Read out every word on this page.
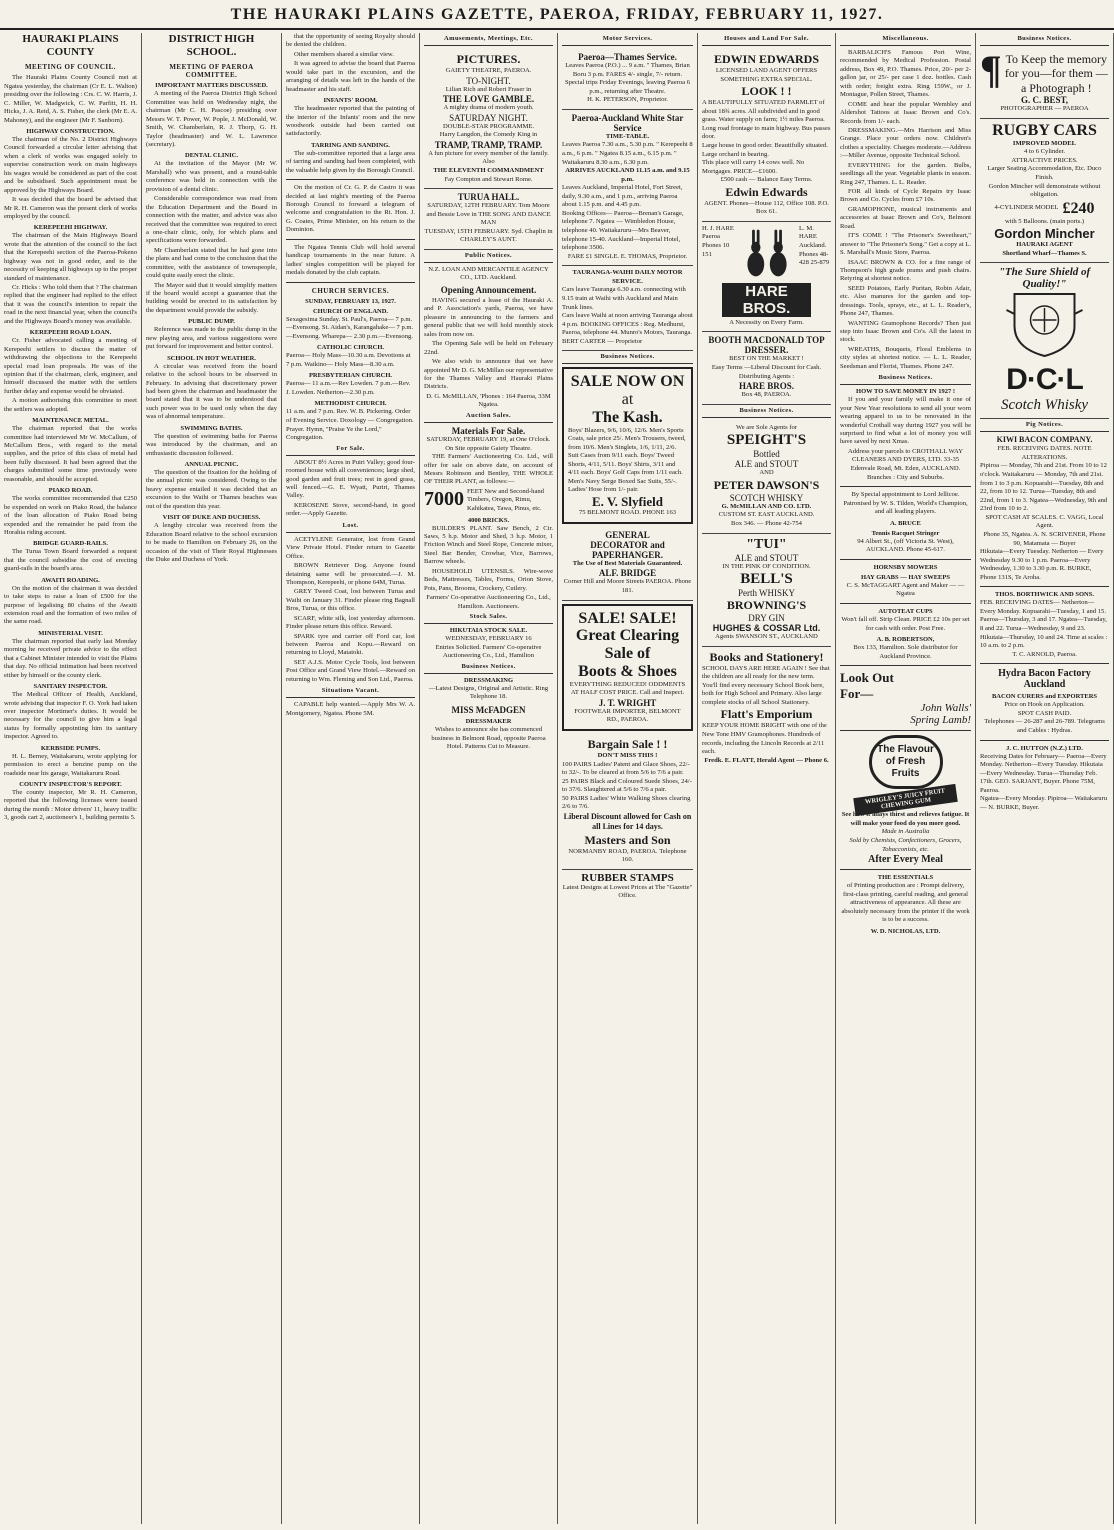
THE HAURAKI PLAINS GAZETTE, PAEROA, FRIDAY, FEBRUARY 11, 1927.
HAURAKI PLAINS COUNTY
MEETING OF COUNCIL.

The Hauraki Plains County Council met at Ngatea yesterday, the chairman (Cr E. L. Walton) presiding over the following : Crs. C. W. Harris, J. C. Miller, W. Madgwick, C. W. Parfitt, H. H. Hicks, J. A. Reid, A. S. Fisher, the clerk (Mr E. A. Mahoney), and the engineer (Mr F. Sanborn).

HIGHWAY CONSTRUCTION.

The chairman of the No. 2 District Highways Council forwarded a circular letter advising that when a clerk of works was engaged solely to supervise construction work on main highways his wages would be considered as part of the cost and be subsidised. Such appointment must be approved by the Highways Board.

It was decided that the board be advised that Mr R. H. Cameron was the present clerk of works employed by the council.

KEREPEEHI HIGHWAY.

The chairman of the Main Highways Board wrote that the attention of the council to the fact that the Kerepeehi section of the Paeroa-Pokeno highway was not in good order, and to the necessity of keeping all highways up to the proper standard of maintenance.

Cr. Hicks : Who told them that ? The chairman replied that the engineer had replied to the effect that it was the council's intention to repair the road in the next financial year, when the council's and the Highways Board's money was available.

KEREPEEHI ROAD LOAN.

Cr. Fisher advocated calling a meeting of Kerepeehi settlers to discuss the matter of withdrawing the objections to the Kerepeehi special road loan proposals. He was of the opinion that if the chairman, clerk, engineer, and himself discussed the matter with the settlers further delay and expense would be obviated.

A motion authorising this committee to meet the settlers was adopted.

MAINTENANCE METAL.

The chairman reported that the works committee had interviewed Mr W. McCallum, of McCallum Bros., with regard to the metal supplies, and the price of this class of metal had been fully discussed. It had been agreed that the charges submitted some time previously were reasonable, and should be accepted.

PIAKO ROAD.

The works committee recommended that £250 be expended on work on Piako Road, the balance of the loan allocation of Piako Road being expended and the remainder be paid from the Horahia riding account.

BRIDGE GUARD-RAILS.

The Turua Town Board forwarded a request that the council subsidise the cost of erecting guard-rails in the board's area.

AWAITI ROADING.

On the motion of the chairman it was decided to take steps to raise a loan of £500 for the purpose of legalising 80 chains of the Awaiti extension road and the formation of two miles of the same road.

MINISTERIAL VISIT.

The chairman reported that early last Monday morning he received private advice to the effect that a Cabinet Minister intended to visit the Plains that day. No official intimation had been received either by himself or the county clerk.

SANITARY INSPECTOR.

The Medical Officer of Health, Auckland, wrote advising that inspector F. O. York had taken over inspector Mortimer's duties. It would be necessary for the council to give him a legal status by formally appointing him its sanitary inspector. Agreed to.

KERBSIDE PUMPS.

H. L. Berney, Waitakaruru, wrote applying for permission to erect a benzine pump on the roadside near his garage, Waitakaruru Road.

COUNTY INSPECTOR'S REPORT.

The county inspector, Mr R. H. Cameron, reported that the following licenses were issued during the month : Motor drivers' 11, heavy traffic 3, goods cart 2, auctioneer's 1, building permits 5.

DISTRICT HIGH SCHOOL.
MEETING OF PAEROA COMMITTEE.
IMPORTANT MATTERS DISCUSSED.

A meeting of the Paeroa District High School Committee was held on Wednesday night, the chairman (Mr C. H. Pascoe) presiding over Messrs W. T. Power, W. Pople, J. McDonald, W. Smith, W. Chamberlain, R. J. Thorp, G. H. Taylor (headmaster) and W. L. Lawrence (secretary).

DENTAL CLINIC.

At the invitation of the Mayor (Mr W. Marshall) who was present, and a round-table conference was held in connection with the provision of a dental clinic.

Considerable correspondence was read from the Education Department and the Board in connection with the matter, and advice was also received that the committee was required to erect a one-chair clinic, only, for which plans and specifications were forwarded.

Mr Chamberlain stated that he had gone into the plans and had come to the conclusion that the committee, with the assistance of townspeople, could quite easily erect the clinic.

The Mayor said that it would simplify matters if the board would accept a guarantee that the building would be erected to its satisfaction by the department would provide the subsidy.

PUBLIC DUMP.

Reference was made to the public dump in the new playing area, and various suggestions were put forward for improvement and better control.

SCHOOL IN HOT WEATHER.

A circular was received from the board relative to the school hours to be observed in February. In advising that discretionary power had been given the chairman and headmaster the board stated that it was to be understood that such power was to be used only when the day was of abnormal temperature.

SWIMMING BATHS.

The question of swimming baths for Paeroa was introduced by the chairman, and an enthusiastic discussion followed.

ANNUAL PICNIC.

The question of the fixation for the holding of the annual picnic was considered. Owing to the heavy expense entailed it was decided that an excursion to the Waihi or Thames beaches was out of the question this year.

VISIT OF DUKE AND DUCHESS.

A lengthy circular was received from the Education Board relative to the school excursion to be made to Hamilton on February 26, on the occasion of the visit of Their Royal Highnesses the Duke and Duchess of York.

that the opportunity of seeing Royalty should be denied the children.

Other members shared a similar view.

It was agreed to advise the board that Paeroa would take part in the excursion, and the arranging of details was left in the hands of the headmaster and his staff.

INFANTS' ROOM.

The headmaster reported that the painting of the interior of the Infants' room and the new woodwork outside had been carried out satisfactorily.

TARRING AND SANDING.

The sub-committee reported that a large area of tarring and sanding had been completed, with the valuable help given by the Borough Council.

On the motion of Cr. G. P. de Castro it was decided at last night's meeting of the Paeroa Borough Council to forward a telegram of welcome and congratulation to the Rt. Hon. J. G. Coates, Prime Minister, on his return to the Dominion.

The Ngatea Tennis Club will hold several handicap tournaments in the near future. A ladies' singles competition will be played for medals donated by the club captain.

CHURCH SERVICES.
SUNDAY, FEBRUARY 13, 1927.
CHURCH OF ENGLAND.

Sexagesima Sunday. St. Paul's, Paeroa— 7 p.m.—Evensong. St. Aidan's, Karangahake— 7 p.m.—Evensong. Wharepa— 2.30 p.m.—Evensong.

CATHOLIC CHURCH.

Paeroa— Holy Mass—10.30 a.m. Devotions at 7 p.m. Waikino— Holy Mass—8.30 a.m.

PRESBYTERIAN CHURCH.

Paeroa— 11 a.m.—Rev Lowden. 7 p.m.—Rev. J. Lowden. Netherton—2.30 p.m.

METHODIST CHURCH.

11 a.m. and 7 p.m. Rev. W. B. Pickering. Order of Evening Service. Doxology — Congregation. Prayer. Hymn, "Praise Ye the Lord," Congregation.

For Sale.

ABOUT 8½ Acres in Puiri Valley; good four-roomed house with all conveniences; large shed, good garden and fruit trees; rest in good grass, well fenced.—G. E. Wyatt, Puriri, Thames Valley.

KEROSENE Stove, second-hand, in good order.—Apply Gazette.

Lost.

ACETYLENE Generator, lost from Grand View Private Hotel. Finder return to Gazette Office.

BROWN Retriever Dog. Anyone found detaining same will be prosecuted.—J. M. Thompson, Kerepeehi, or phone 64M, Turua.

GREY Tweed Coat, lost between Turua and Waihi on January 31. Finder please ring Bagnall Bros, Turua, or this office.

SCARF, white silk, lost yesterday afternoon. Finder please return this office. Reward.

SPARK tyre and carrier off Ford car, lost between Paeroa and Kopu.—Reward on returning to Lloyd, Matatoki.

SET A.J.S. Motor Cycle Tools, lost between Post Office and Grand View Hotel.—Reward on returning to Wm. Fleming and Son Ltd., Paeroa.

Situations Vacant.

CAPABLE help wanted.—Apply Mrs W. A. Montgomery, Ngatea. Phone 5M.

Amusements, Meetings, Etc.
PICTURES.
GAIETY THEATRE, PAEROA.
TO-NIGHT.
Lilian Rich and Robert Fraser in
THE LOVE GAMBLE.
A mighty drama of modern youth.
SATURDAY NIGHT.
DOUBLE-STAR PROGRAMME.
Harry Langdon, the Comedy King in
TRAMP, TRAMP, TRAMP.
A fun picture for every member of the family.
Also
THE ELEVENTH COMMANDMENT
Fay Compton and Stewart Rome.
TURUA HALL.
SATURDAY, 12TH FEBRUARY. Tom Moore and Bessie Love in THE SONG AND DANCE MAN
TUESDAY, 15TH FEBRUARY. Syd. Chaplin in CHARLEY'S AUNT.
Public Notices.
N.Z. LOAN AND MERCANTILE AGENCY CO., LTD. Auckland.
Opening Announcement.

HAVING secured a lease of the Hauraki A. and P. Association's yards, Paeroa, we have pleasure in announcing to the farmers and general public that we will hold monthly stock sales from now on.

The Opening Sale will be held on February 22nd.

We also wish to announce that we have appointed Mr D. G. McMillan our representative for the Thames Valley and Hauraki Plains Districts.

D. G. McMILLAN, 'Phones : 164 Paeroa, 33M Ngatea.

Auction Sales.
Materials For Sale.

SATURDAY, FEBRUARY 19, at One O'clock. On Site opposite Gaiety Theatre.

THE Farmers' Auctioneering Co. Ltd., will offer for sale on above date, on account of Messrs Robinson and Bentley, THE WHOLE OF THEIR PLANT, as follows:—

7000 FEET New and Second-hand Timbers, Oregon, Rimu, Kahikatea, Tawa, Pinus, etc.

4000 BRICKS.

BUILDER'S PLANT. Saw Bench, 2 Cir. Saws, 5 h.p. Motor and Shed, 3 h.p. Motor, 1 Friction Winch and Steel Rope, Concrete mixer, Steel Bar Bender, Crowbar, Vice, Barrows, Barrow wheels.

HOUSEHOLD UTENSILS. Wire-wove Beds, Mattresses, Tables, Forms, Orion Stove, Pots, Pans, Brooms, Crockery, Cutlery.

Farmers' Co-operative Auctioneering Co., Ltd., Hamilton. Auctioneers.

Stock Sales.
HIKUTAIA STOCK SALE.

WEDNESDAY, FEBRUARY 16

Entries Solicited. Farmers' Co-operative Auctioneering Co., Ltd., Hamilton

Business Notices.
DRESSMAKING

—Latest Designs, Original and Artistic. Ring Telephone 18.

MISS McFADGEN
DRESSMAKER

Wishes to announce she has commenced business in Belmont Road, opposite Paeroa Hotel. Patterns Cut to Measure.

Motor Services.
Paeroa—Thames Service.
Leaves Paeroa (P.O.) ... 9 a.m. " Thames, Brian Boru 3 p.m. FARES 4/- single, 7/- return.
Special trips Friday Evenings, leaving Paeroa 6 p.m., returning after Theatre.
H. K. PETERSON, Proprietor.
Paeroa-Auckland White Star Service
TIME-TABLE.
Leaves Paeroa 7.30 a.m., 5.30 p.m. " Kerepeehi 8 a.m., 6 p.m. " Ngatea 8.15 a.m., 6.15 p.m. " Waitakaruru 8.30 a.m., 6.30 p.m.
ARRIVES AUCKLAND 11.15 a.m. and 9.15 p.m.
Leaves Auckland, Imperial Hotel, Fort Street, daily, 9.30 a.m., and 1 p.m., arriving Paeroa about 1.15 p.m. and 4.45 p.m.
Booking Offices— Paeroa—Brenan's Garage, telephone 7. Ngatea — Wimbledon House, telephone 40. Waitakaruru—Mrs Beaver, telephone 15-40. Auckland—Imperial Hotel, telephone 3506.
FARE £1 SINGLE. E. THOMAS, Proprietor.
TAURANGA-WAIHI DAILY MOTOR SERVICE.
Cars leave Tauranga 6.30 a.m. connecting with 9.15 train at Waihi with Auckland and Main Trunk lines.
Cars leave Waihi at noon arriving Tauranga about 4 p.m. BOOKING OFFICES : Reg. Medhurst, Paeroa, telephone 44. Munro's Motors, Tauranga. BERT CARTER — Proprietor
Business Notices.
SALE NOW ON
at
The Kash.

Boys' Blazers, 9/6, 10/6, 12/6. Men's Sports Coats, sale price 25/. Men's Trousers, tweed, from 10/6. Men's Singlets, 1/6, 1/11, 2/6. Suit Cases from 9/11 each. Boys' Tweed Shorts, 4/11, 5/11. Boys' Shirts, 3/11 and 4/11 each. Boys' Golf Caps from 1/11 each. Men's Navy Serge Boxed Sac Suits, 55/-. Ladies' Hose from 1/- pair.

E. V. Slyfield
75 BELMONT ROAD. PHONE 163
GENERAL
DECORATOR and PAPERHANGER.
The Use of Best Materials Guaranteed.
ALF. BRIDGE
Corner Hill and Moore Streets PAEROA. Phone 181.
SALE! SALE!
Great Clearing Sale of
Boots & Shoes
EVERYTHING REDUCED! ODDMENTS AT HALF COST PRICE. Call and Inspect.
J. T. WRIGHT
FOOTWEAR IMPORTER, BELMONT RD., PAEROA.
Bargain Sale ! !
DON'T MISS THIS !

100 PAIRS Ladies' Patent and Glace Shoes, 22/- to 32/-. To be cleared at from 5/6 to 7/6 a pair.

25 PAIRS Black and Coloured Suede Shoes, 24/- to 37/6. Slaughtered at 5/6 to 7/6 a pair.

50 PAIRS Ladies' White Walking Shoes clearing 2/6 to 7/6.

Liberal Discount allowed for Cash on all Lines for 14 days.
Masters and Son
NORMANBY ROAD, PAEROA. Telephone 160.
RUBBER STAMPS
Latest Designs at Lowest Prices at The "Gazette" Office.
Houses and Land For Sale.
EDWIN EDWARDS
LICENSED LAND AGENT OFFERS SOMETHING EXTRA SPECIAL.
LOOK ! !

A BEAUTIFULLY SITUATED FARMLET of about 18¾ acres. All subdivided and in good grass. Water supply on farm; 1½ miles Paeroa. Long road frontage to main highway. Bus passes door.

Large house in good order. Beautifully situated. Large orchard in bearing.

This place will carry 14 cows well. No Mortgages. PRICE—£1600.

£500 cash — Balance Easy Terms.
Edwin Edwards
AGENT. Phones—House 112, Office 108. P.O. Box 61.
H. J. HARE Paeroa Phones 10 151
L. M. HARE Auckland. Phones 48-428 25-879
HARE BROS.
A Necessity on Every Farm.
BOOTH MACDONALD TOP DRESSER.
BEST ON THE MARKET !
Easy Terms —Liberal Discount for Cash.
Distributing Agents :
HARE BROS.
Box 48, PAEROA.
Business Notices.
We are Sole Agents for
SPEIGHT'S
Bottled
ALE and STOUT
AND
PETER DAWSON'S
SCOTCH WHISKY
G. McMILLAN AND CO. LTD.
CUSTOM ST. EAST AUCKLAND.
Box 346. — Phone 42-754
"TUI"
ALE and STOUT
IN THE PINK OF CONDITION.
BELL'S
Perth WHISKY
BROWNING'S
DRY GIN
HUGHES & COSSAR Ltd.
Agents SWANSON ST., AUCKLAND
Books and Stationery!

SCHOOL DAYS ARE HERE AGAIN ! See that the children are all ready for the new term. You'll find every necessary School Book here, both for High School and Primary. Also large complete stocks of all School Stationery.

Flatt's Emporium

KEEP YOUR HOME BRIGHT with one of the New Tone HMV Gramophones. Hundreds of records, including the Lincoln Records at 2/11 each.

Fredk. E. FLATT, Herald Agent — Phone 6.
Miscellaneous.

BARBALICH'S Famous Port Wine, recommended by Medical Profession. Postal address, Box 49, P.O. Thames. Price, 20/- per 2-gallon jar, or 25/- per case 1 doz. bottles. Cash with order; freight extra. Ring 159W., or J. Montague, Pollen Street, Thames.

COME and hear the popular Wembley and Aldershot Tattoos at Isaac Brown and Co's. Records from 1/- each.

DRESSMAKING.—Mrs Harrison and Miss Grange. Place your orders now. Children's clothes a speciality. Charges moderate.—Address :—Miller Avenue, opposite Technical School.

EVERYTHING for the garden. Bulbs, seedlings all the year. Vegetable plants in season. Ring 247, Thames. L. L. Reader.

FOR all kinds of Cycle Repairs try Isaac Brown and Co. Cycles from £7 10s.

GRAMOPHONE, musical instruments and accessories at Isaac Brown and Co's, Belmont Road.

IT'S COME ! "The Prisoner's Sweetheart," answer to "The Prisoner's Song." Get a copy at L. S. Marshall's Music Store, Paeroa.

ISAAC BROWN & CO. for a fine range of Thompson's high grade prams and push chairs. Retyring at shortest notice.

SEED Potatoes, Early Puritan, Robin Adair, etc. Also manures for the garden and top-dressings. Tools, sprays, etc., at L. L. Reader's, Phone 247, Thames.

WANTING Gramophone Records? Then just step into Isaac Brown and Co's. All the latest in stock.

WREATHS, Bouquets, Floral Emblems in city styles at shortest notice. — L. L. Reader, Seedsman and Florist, Thames. Phone 247.

Business Notices.
HOW TO SAVE MONEY IN 1927 !

If you and your family will make it one of your New Year resolutions to send all your worn wearing apparel to us to be renovated in the wonderful Crothall way during 1927 you will be surprised to find what a lot of money you will have saved by next Xmas.

Address your parcels to CROTHALL WAY CLEANERS AND DYERS, LTD. 33-35 Edenvale Road, Mt. Eden, AUCKLAND. Branches : City and Suburbs.

By Special appointment to Lord Jellicoe. Patronised by W. S. Tilden, World's Champion, and all leading players.

A. BRUCE
Tennis Racquet Stringer

94 Albert St., (off Victoria St. West), AUCKLAND. Phone 45-617.

HORNSBY MOWERS
HAY GRABS — HAY SWEEPS

C. S. McTAGGART Agent and Maker — — Ngatea

AUTOTEAT CUPS

Won't fall off. Strip Clean. PRICE £2 10s per set for cash with order. Post Free.

A. B. ROBERTSON,

Box 133, Hamilton. Sole distributor for Auckland Province.

Look Out
For—
John Walls'
Spring Lamb!
The Flavour of Fresh Fruits
WRIGLEY'S JUICY FRUIT CHEWING GUM

See how it allays thirst and relieves fatigue. It will make your food do you more good.

Made in Australia

Sold by Chemists, Confectioners, Grocers, Tobacconists, etc.

After Every Meal
THE ESSENTIALS

of Printing production are : Prompt delivery, first-class printing, careful reading, and general attractiveness of appearance. All these are absolutely necessary from the printer if the work is to be a success.

W. D. NICHOLAS, LTD.
Business Notices.
¶ To Keep the memory for you—for them —a Photograph !
G. C. BEST,
PHOTOGRAPHER — PAEROA
RUGBY CARS
IMPROVED MODEL
4 to 6 Cylinder.
ATTRACTIVE PRICES.
Larger Seating Accommodation, Etc. Duco Finish.
Gordon Mincher will demonstrate without obligation.
4-CYLINDER MODEL £240
with 5 Balloons. (main ports.)
Gordon Mincher
HAURAKI AGENT
Shortland Wharf—Thames S.
"The Sure Shield of Quality!"
D·C·L
Scotch Whisky
Pig Notices.
KIWI BACON COMPANY.

FEB. RECEIVING DATES. NOTE ALTERATIONS.

Pipiroa — Monday, 7th and 21st. From 10 to 12 o'clock. Waitakaruru — Monday, 7th and 21st. from 1 to 3 p.m. Kopuarahi—Tuesday, 8th and 22, from 10 to 12. Turua—Tuesday, 8th and 22nd, from 1 to 3. Ngatea—Wednesday, 9th and 23rd from 10 to 2.

SPOT CASH AT SCALES. C. VAGG, Local Agent.

Phone 35, Ngatea. A. N. SCRIVENER, Phone 90, Matamata — Buyer

Hikutaia—Every Tuesday. Netherton — Every Wednesday 9.30 to 1 p.m. Paeroa—Every Wednesday, 1.30 to 3.30 p.m. R. BURKE, Phone 131S, Te Aroha.

THOS. BORTHWICK AND SONS.

FEB. RECEIVING DATES— Netherton—Every Monday. Kopuarahi—Tuesday, 1 and 15. Paeroa—Thursday, 3 and 17. Ngatea—Tuesday, 8 and 22. Turua—Wednesday, 9 and 23. Hikutaia—Thursday, 10 and 24. Time at scales : 10 a.m. to 2 p.m.

T. C. ARNOLD, Paeroa.

Hydra Bacon Factory Auckland
BACON CURERS and EXPORTERS

Price on Hook on Application.

SPOT CASH PAID.

Telephones — 26-287 and 26-789. Telegrams and Cables : Hydras.

J. C. HUTTON (N.Z.) LTD.

Receiving Dates for February— Paeroa—Every Monday. Netherton—Every Tuesday. Hikutaia—Every Wednesday. Turua—Thursday Feb. 17th. GEO. SARJANT, Buyer. Phone 75M, Paeroa.

Ngatea—Every Monday. Pipiroa— Waitakaruru— N. BURKE, Buyer.
